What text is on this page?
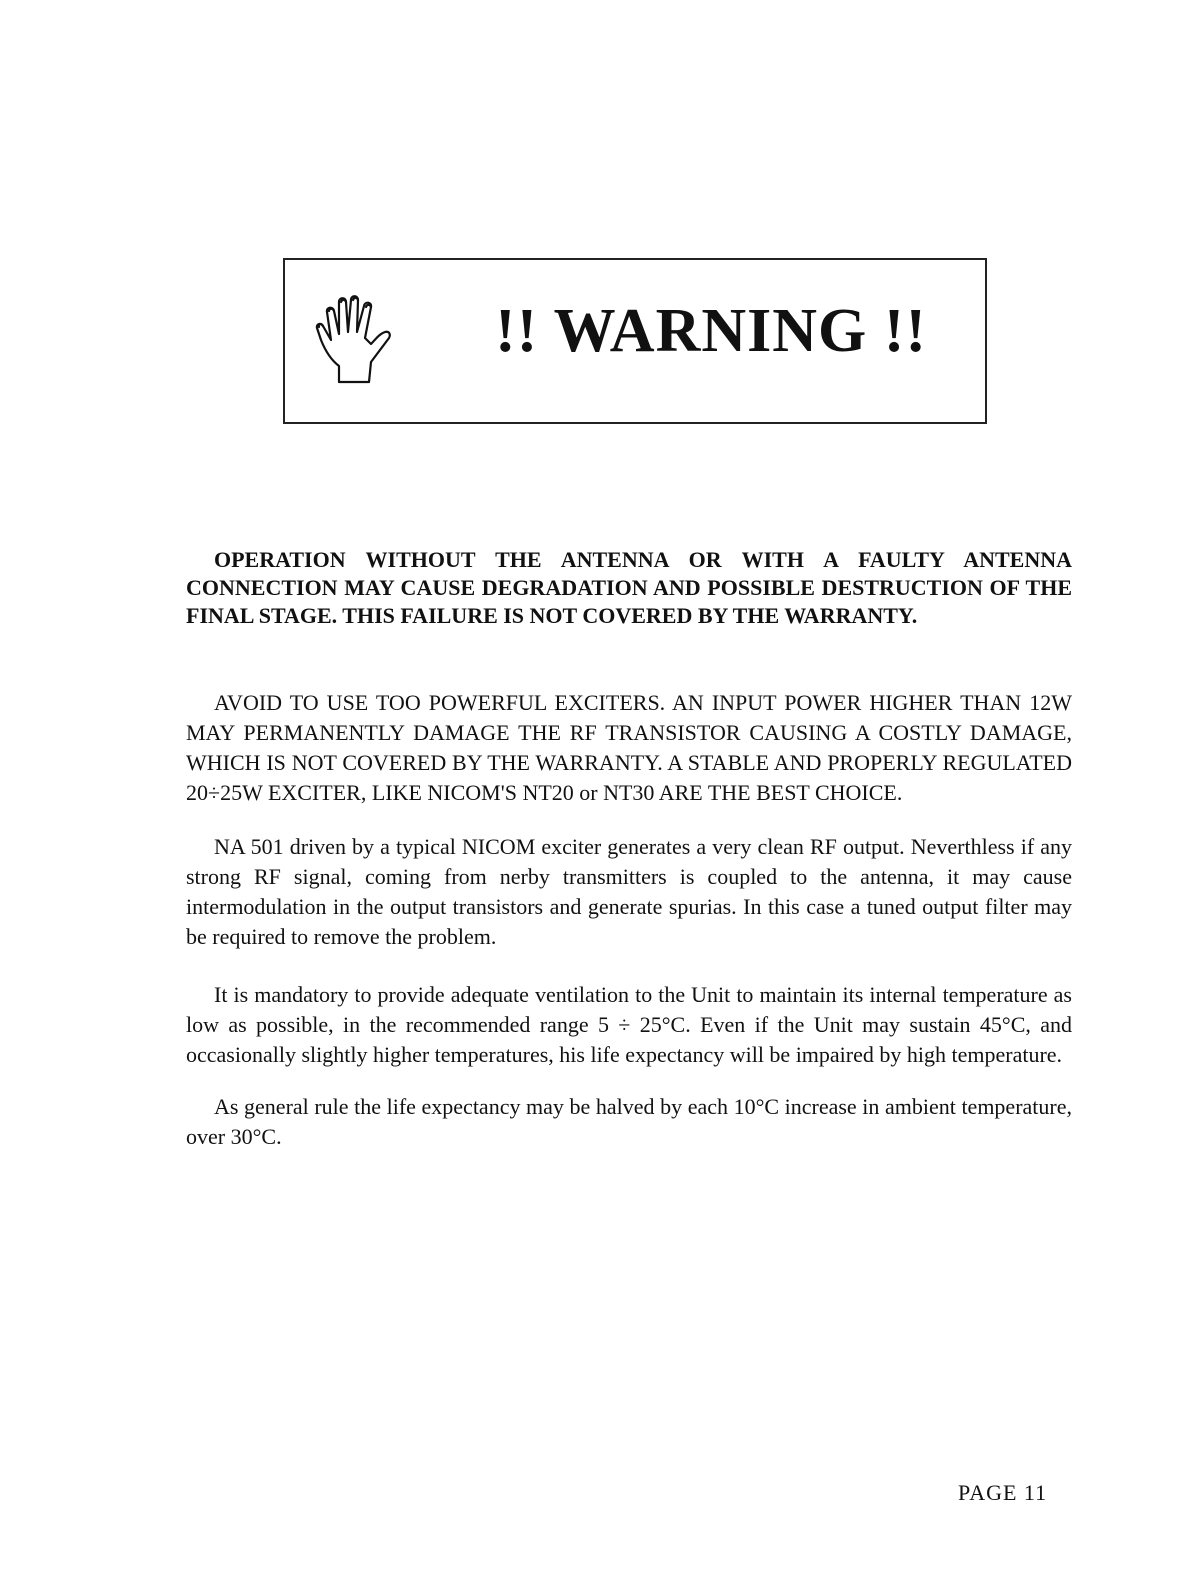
!! WARNING !!

OPERATION WITHOUT THE ANTENNA OR WITH A FAULTY ANTENNA CONNECTION MAY CAUSE DEGRADATION AND POSSIBLE DESTRUCTION OF THE FINAL STAGE. THIS FAILURE IS NOT COVERED BY THE WARRANTY.

AVOID TO USE TOO POWERFUL EXCITERS. AN INPUT POWER HIGHER THAN 12W MAY PERMANENTLY DAMAGE THE RF TRANSISTOR CAUSING A COSTLY DAMAGE, WHICH IS NOT COVERED BY THE WARRANTY. A STABLE AND PROPERLY REGULATED 20÷25W EXCITER, LIKE NICOM'S NT20 or NT30 ARE THE BEST CHOICE.

NA 501 driven by a typical NICOM exciter generates a very clean RF output. Neverthless if any strong RF signal, coming from nerby transmitters is coupled to the antenna, it may cause intermodulation in the output transistors and generate spurias. In this case a tuned output filter may be required to remove the problem.

It is mandatory to provide adequate ventilation to the Unit to maintain its internal temperature as low as possible, in the recommended range 5 ÷ 25°C. Even if the Unit may sustain 45°C, and occasionally slightly higher temperatures, his life expectancy will be impaired by high temperature.

As general rule the life expectancy may be halved by each 10°C increase in ambient temperature, over 30°C.

PAGE 11
